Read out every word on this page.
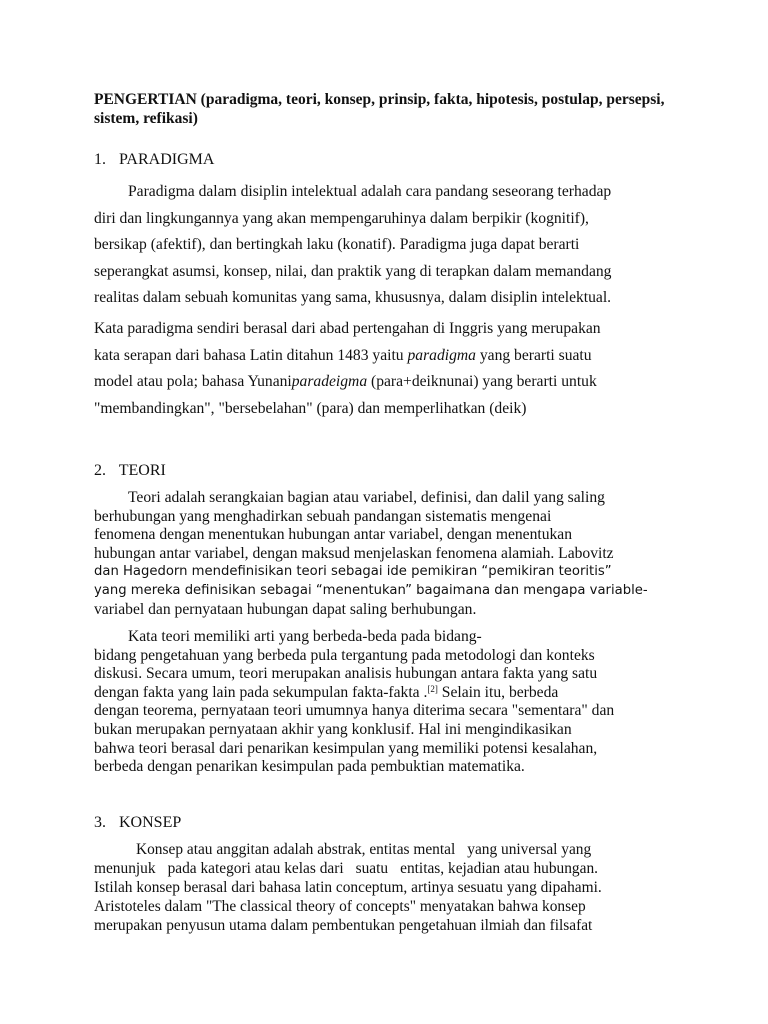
PENGERTIAN (paradigma, teori, konsep, prinsip, fakta, hipotesis, postulap, persepsi, sistem, refikasi)

1. PARADIGMA

Paradigma dalam disiplin intelektual adalah cara pandang seseorang terhadap
diri dan lingkungannya yang akan mempengaruhinya dalam berpikir (kognitif),
bersikap (afektif), dan bertingkah laku (konatif). Paradigma juga dapat berarti
seperangkat asumsi, konsep, nilai, dan praktik yang di terapkan dalam memandang
realitas dalam sebuah komunitas yang sama, khususnya, dalam disiplin intelektual.

Kata paradigma sendiri berasal dari abad pertengahan di Inggris yang merupakan
kata serapan dari bahasa Latin ditahun 1483 yaitu paradigma yang berarti suatu
model atau pola; bahasa Yunaniparadeigma (para+deiknunai) yang berarti untuk
"membandingkan", "bersebelahan" (para) dan memperlihatkan (deik)

2. TEORI

Teori adalah serangkaian bagian atau variabel, definisi, dan dalil yang saling
berhubungan yang menghadirkan sebuah pandangan sistematis mengenai
fenomena dengan menentukan hubungan antar variabel, dengan menentukan
hubungan antar variabel, dengan maksud menjelaskan fenomena alamiah. Labovitz
dan Hagedorn mendefinisikan teori sebagai ide pemikiran “pemikiran teoritis”
yang mereka definisikan sebagai “menentukan” bagaimana dan mengapa variable-
variabel dan pernyataan hubungan dapat saling berhubungan.

Kata teori memiliki arti yang berbeda-beda pada bidang-
bidang pengetahuan yang berbeda pula tergantung pada metodologi dan konteks
diskusi. Secara umum, teori merupakan analisis hubungan antara fakta yang satu
dengan fakta yang lain pada sekumpulan fakta-fakta .[2] Selain itu, berbeda
dengan teorema, pernyataan teori umumnya hanya diterima secara "sementara" dan
bukan merupakan pernyataan akhir yang konklusif. Hal ini mengindikasikan
bahwa teori berasal dari penarikan kesimpulan yang memiliki potensi kesalahan,
berbeda dengan penarikan kesimpulan pada pembuktian matematika.

3. KONSEP

Konsep atau anggitan adalah abstrak, entitas mental yang universal yang
menunjuk pada kategori atau kelas dari suatu entitas, kejadian atau hubungan.
Istilah konsep berasal dari bahasa latin conceptum, artinya sesuatu yang dipahami.
Aristoteles dalam "The classical theory of concepts" menyatakan bahwa konsep
merupakan penyusun utama dalam pembentukan pengetahuan ilmiah dan filsafat
